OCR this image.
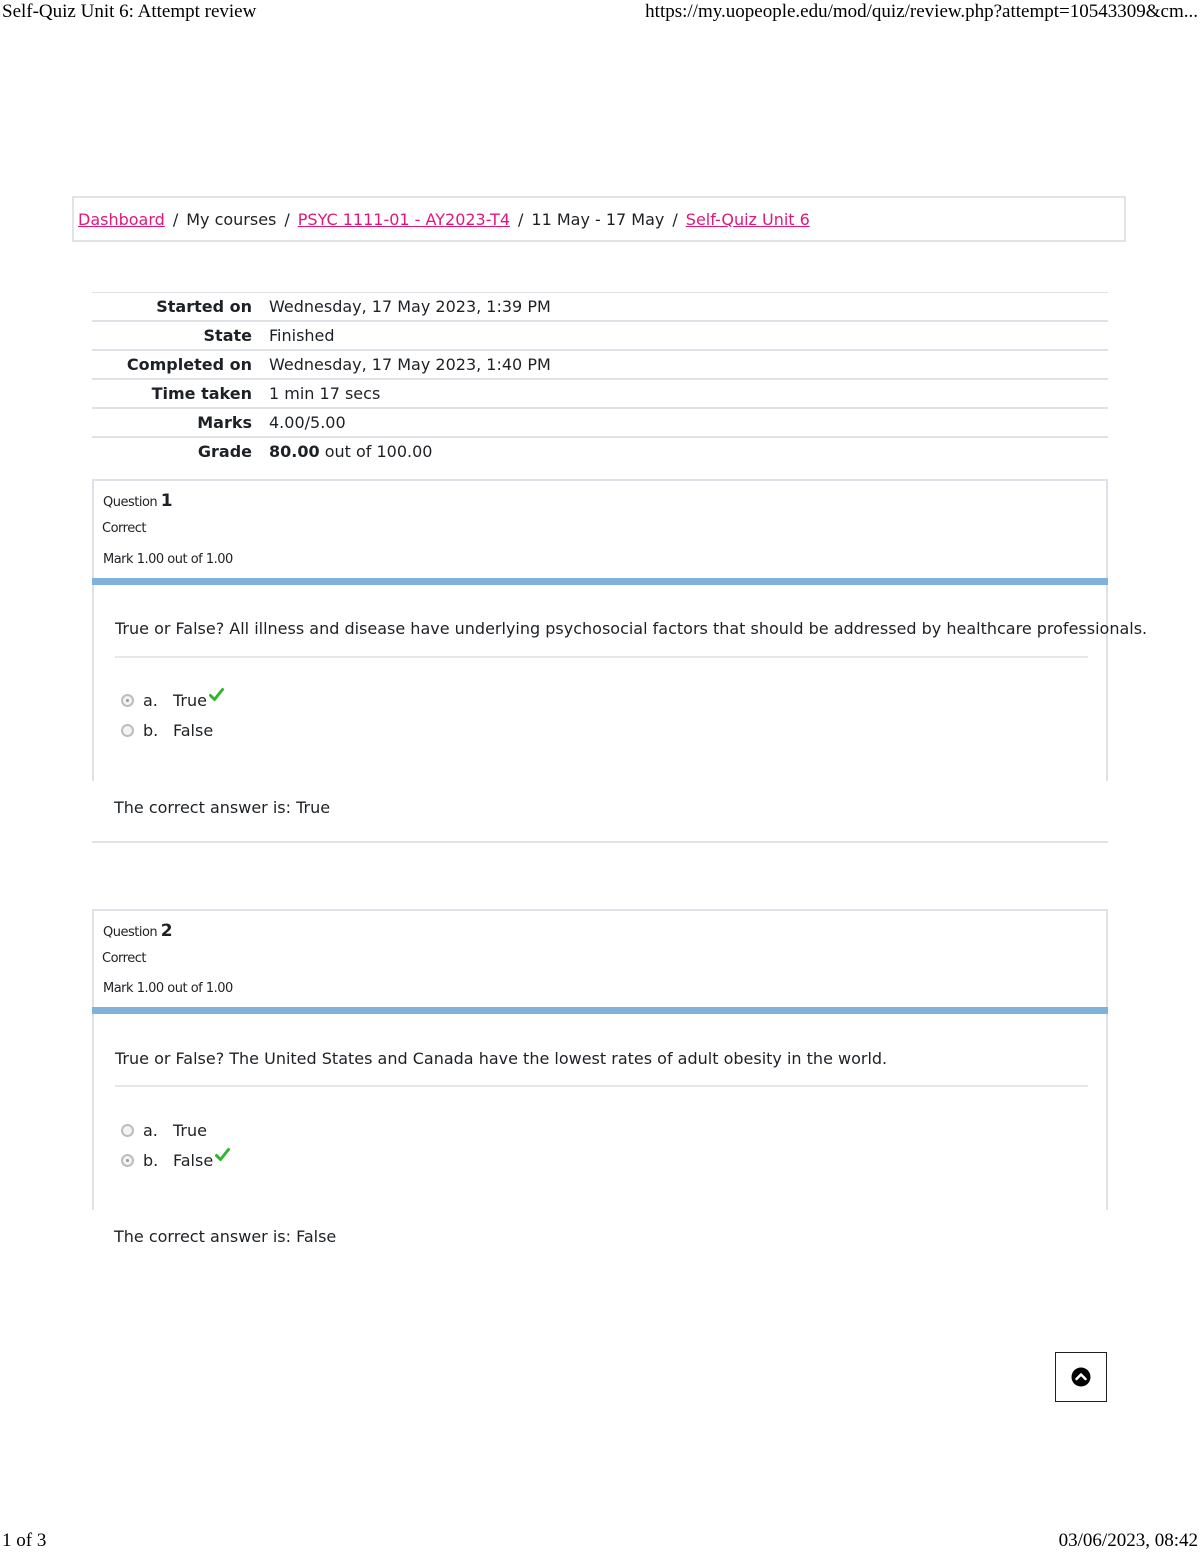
Self-Quiz Unit 6: Attempt review	https://my.uopeople.edu/mod/quiz/review.php?attempt=10543309&cm...
Dashboard / My courses / PSYC 1111-01 - AY2023-T4 / 11 May - 17 May / Self-Quiz Unit 6
Started on	Wednesday, 17 May 2023, 1:39 PM
State	Finished
Completed on	Wednesday, 17 May 2023, 1:40 PM
Time taken	1 min 17 secs
Marks	4.00/5.00
Grade	80.00 out of 100.00
Question 1
Correct
Mark 1.00 out of 1.00
True or False? All illness and disease have underlying psychosocial factors that should be addressed by healthcare professionals.
a. True
b. False
The correct answer is: True
Question 2
Correct
Mark 1.00 out of 1.00
True or False? The United States and Canada have the lowest rates of adult obesity in the world.
a. True
b. False
The correct answer is: False
1 of 3	03/06/2023, 08:42
